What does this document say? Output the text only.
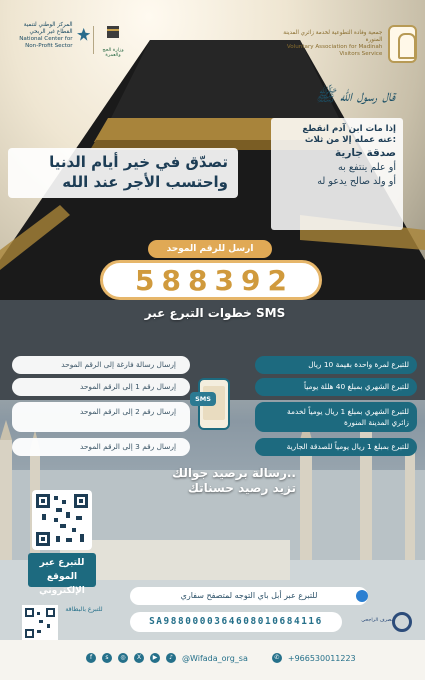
جمعية وفادة التطوعية لخدمة زائري المدينة المنورة
Voluntary Association for Madinah Visitors Service
المركز الوطني لتنمية القطاع غير الربحي
National Center for Non-Profit Sector
وزارة الحج والعمرة
قال رسول الله ﷺ
إذا مات ابن آدم انقطع
عنه عمله إلا من ثلاث:
صدقة جارية
أو علم ينتفع به
أو ولد صالح يدعو له
تصدّق في خير أيام الدنيا
واحتسب الأجر عند الله
ارسل للرقم الموحد
5 8 8 3 9 2
خطوات التبرع عبر SMS
إرسال رسالة فارغة إلى الرقم الموحد	للتبرع لمرة واحدة بقيمة 10 ريال
إرسال رقم 1 إلى الرقم الموحد	للتبرع الشهري بمبلغ 40 هللة يومياً
إرسال رقم 2 إلى الرقم الموحد	للتبرع الشهري بمبلغ 1 ريال يومياً لخدمة زائري المدينة المنورة
إرسال رقم 3 إلى الرقم الموحد	للتبرع بمبلغ 1 ريال يومياً للصدقة الجارية
SMS
رسالة برصيد جوالك..
تزيد رصيد حسناتك
للتبرع عبر
الموقع الإلكتروني
للتبرع بالبطاقة
للتبرع عبر أبل باي التوجه لمتصفح سفاري
SA9880000364608010684116	مصرف الراجحي
f	s	◎	X	▶	♪	@Wifada_org_sa	✆	+966530011223
